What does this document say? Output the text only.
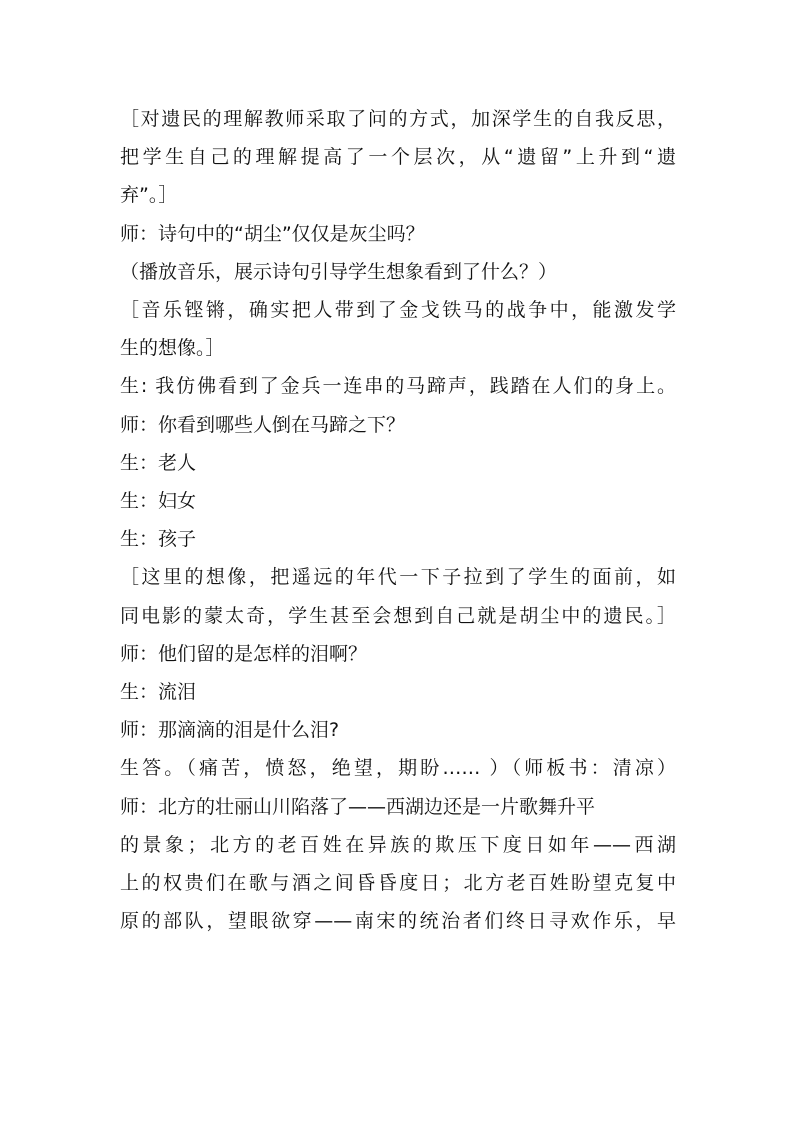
［对遗民的理解教师采取了问的方式，加深学生的自我反思，
把学生自己的理解提高了一个层次，从“遗留”上升到“遗
弃”。］
师：诗句中的“胡尘”仅仅是灰尘吗？
（播放音乐，展示诗句引导学生想象看到了什么？）
［音乐铿锵，确实把人带到了金戈铁马的战争中，能激发学
生的想像。］
生: 我仿佛看到了金兵一连串的马蹄声，践踏在人们的身上。
师：你看到哪些人倒在马蹄之下？
生：老人
生：妇女
生：孩子
［这里的想像，把遥远的年代一下子拉到了学生的面前，如
同电影的蒙太奇，学生甚至会想到自己就是胡尘中的遗民。］
师：他们留的是怎样的泪啊？
生：流泪
师：那滴滴的泪是什么泪?
生答。（痛苦，愤怒，绝望，期盼…… ）（师板书：清凉）
师：北方的壮丽山川陷落了——西湖边还是一片歌舞升平
的景象；北方的老百姓在异族的欺压下度日如年——西湖
上的权贵们在歌与酒之间昏昏度日；北方老百姓盼望克复中
原的部队，望眼欲穿——南宋的统治者们终日寻欢作乐，早
